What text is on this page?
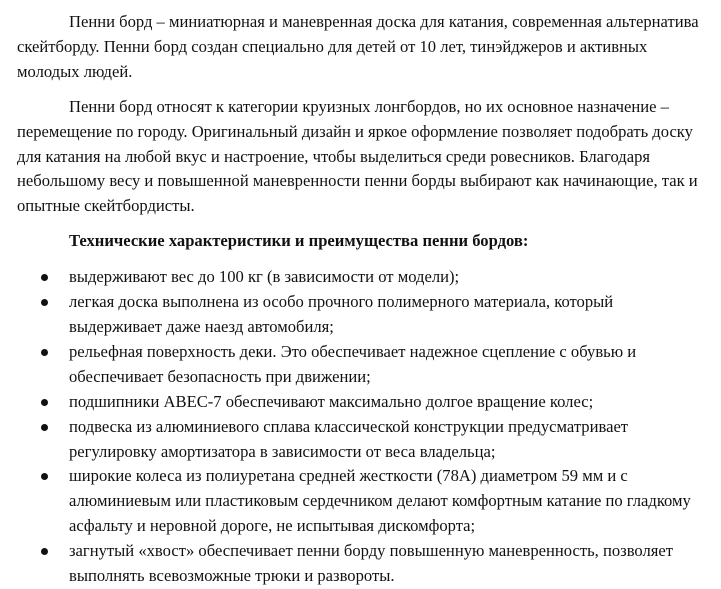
Пенни борд – миниатюрная и маневренная доска для катания, современная альтернатива скейтборду. Пенни борд создан специально для детей от 10 лет, тинэйджеров и активных молодых людей.

Пенни борд относят к категории круизных лонгбордов, но их основное назначение – перемещение по городу. Оригинальный дизайн и яркое оформление позволяет подобрать доску для катания на любой вкус и настроение, чтобы выделиться среди ровесников. Благодаря небольшому весу и повышенной маневренности пенни борды выбирают как начинающие, так и опытные скейтбордисты.

Технические характеристики и преимущества пенни бордов:

выдерживают вес до 100 кг (в зависимости от модели);
легкая доска выполнена из особо прочного полимерного материала, который выдерживает даже наезд автомобиля;
рельефная поверхность деки. Это обеспечивает надежное сцепление с обувью и обеспечивает безопасность при движении;
подшипники ABEC-7 обеспечивают максимально долгое вращение колес;
подвеска из алюминиевого сплава классической конструкции предусматривает регулировку амортизатора в зависимости от веса владельца;
широкие колеса из полиуретана средней жесткости (78A) диаметром 59 мм и с алюминиевым или пластиковым сердечником делают комфортным катание по гладкому асфальту и неровной дороге, не испытывая дискомфорта;
загнутый «хвост» обеспечивает пенни борду повышенную маневренность, позволяет выполнять всевозможные трюки и развороты.
